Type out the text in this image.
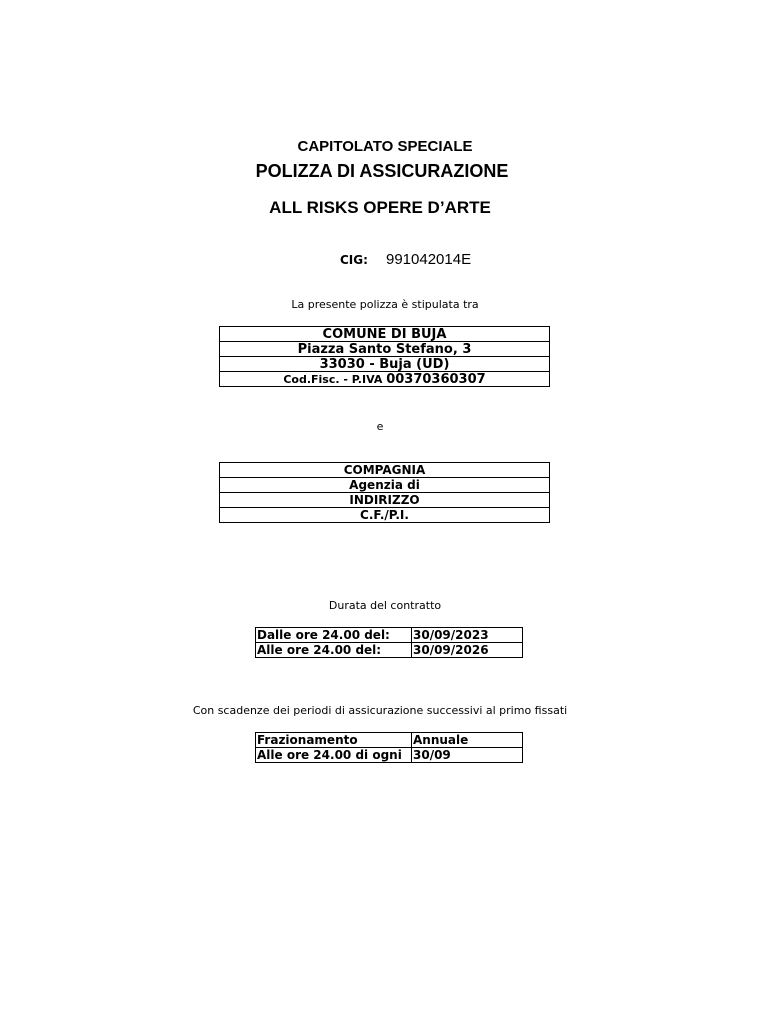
CAPITOLATO SPECIALE
POLIZZA DI ASSICURAZIONE
ALL RISKS OPERE D’ARTE
CIG: 991042014E
La presente polizza è stipulata tra
COMUNE DI BUJA
Piazza Santo Stefano, 3
33030 - Buja (UD)
Cod.Fisc. - P.IVA 00370360307
e
COMPAGNIA
Agenzia di
INDIRIZZO
C.F./P.I.
Durata del contratto
Dalle ore 24.00 del:	30/09/2023
Alle ore 24.00 del:	30/09/2026
Con scadenze dei periodi di assicurazione successivi al primo fissati
Frazionamento	Annuale
Alle ore 24.00 di ogni	30/09
